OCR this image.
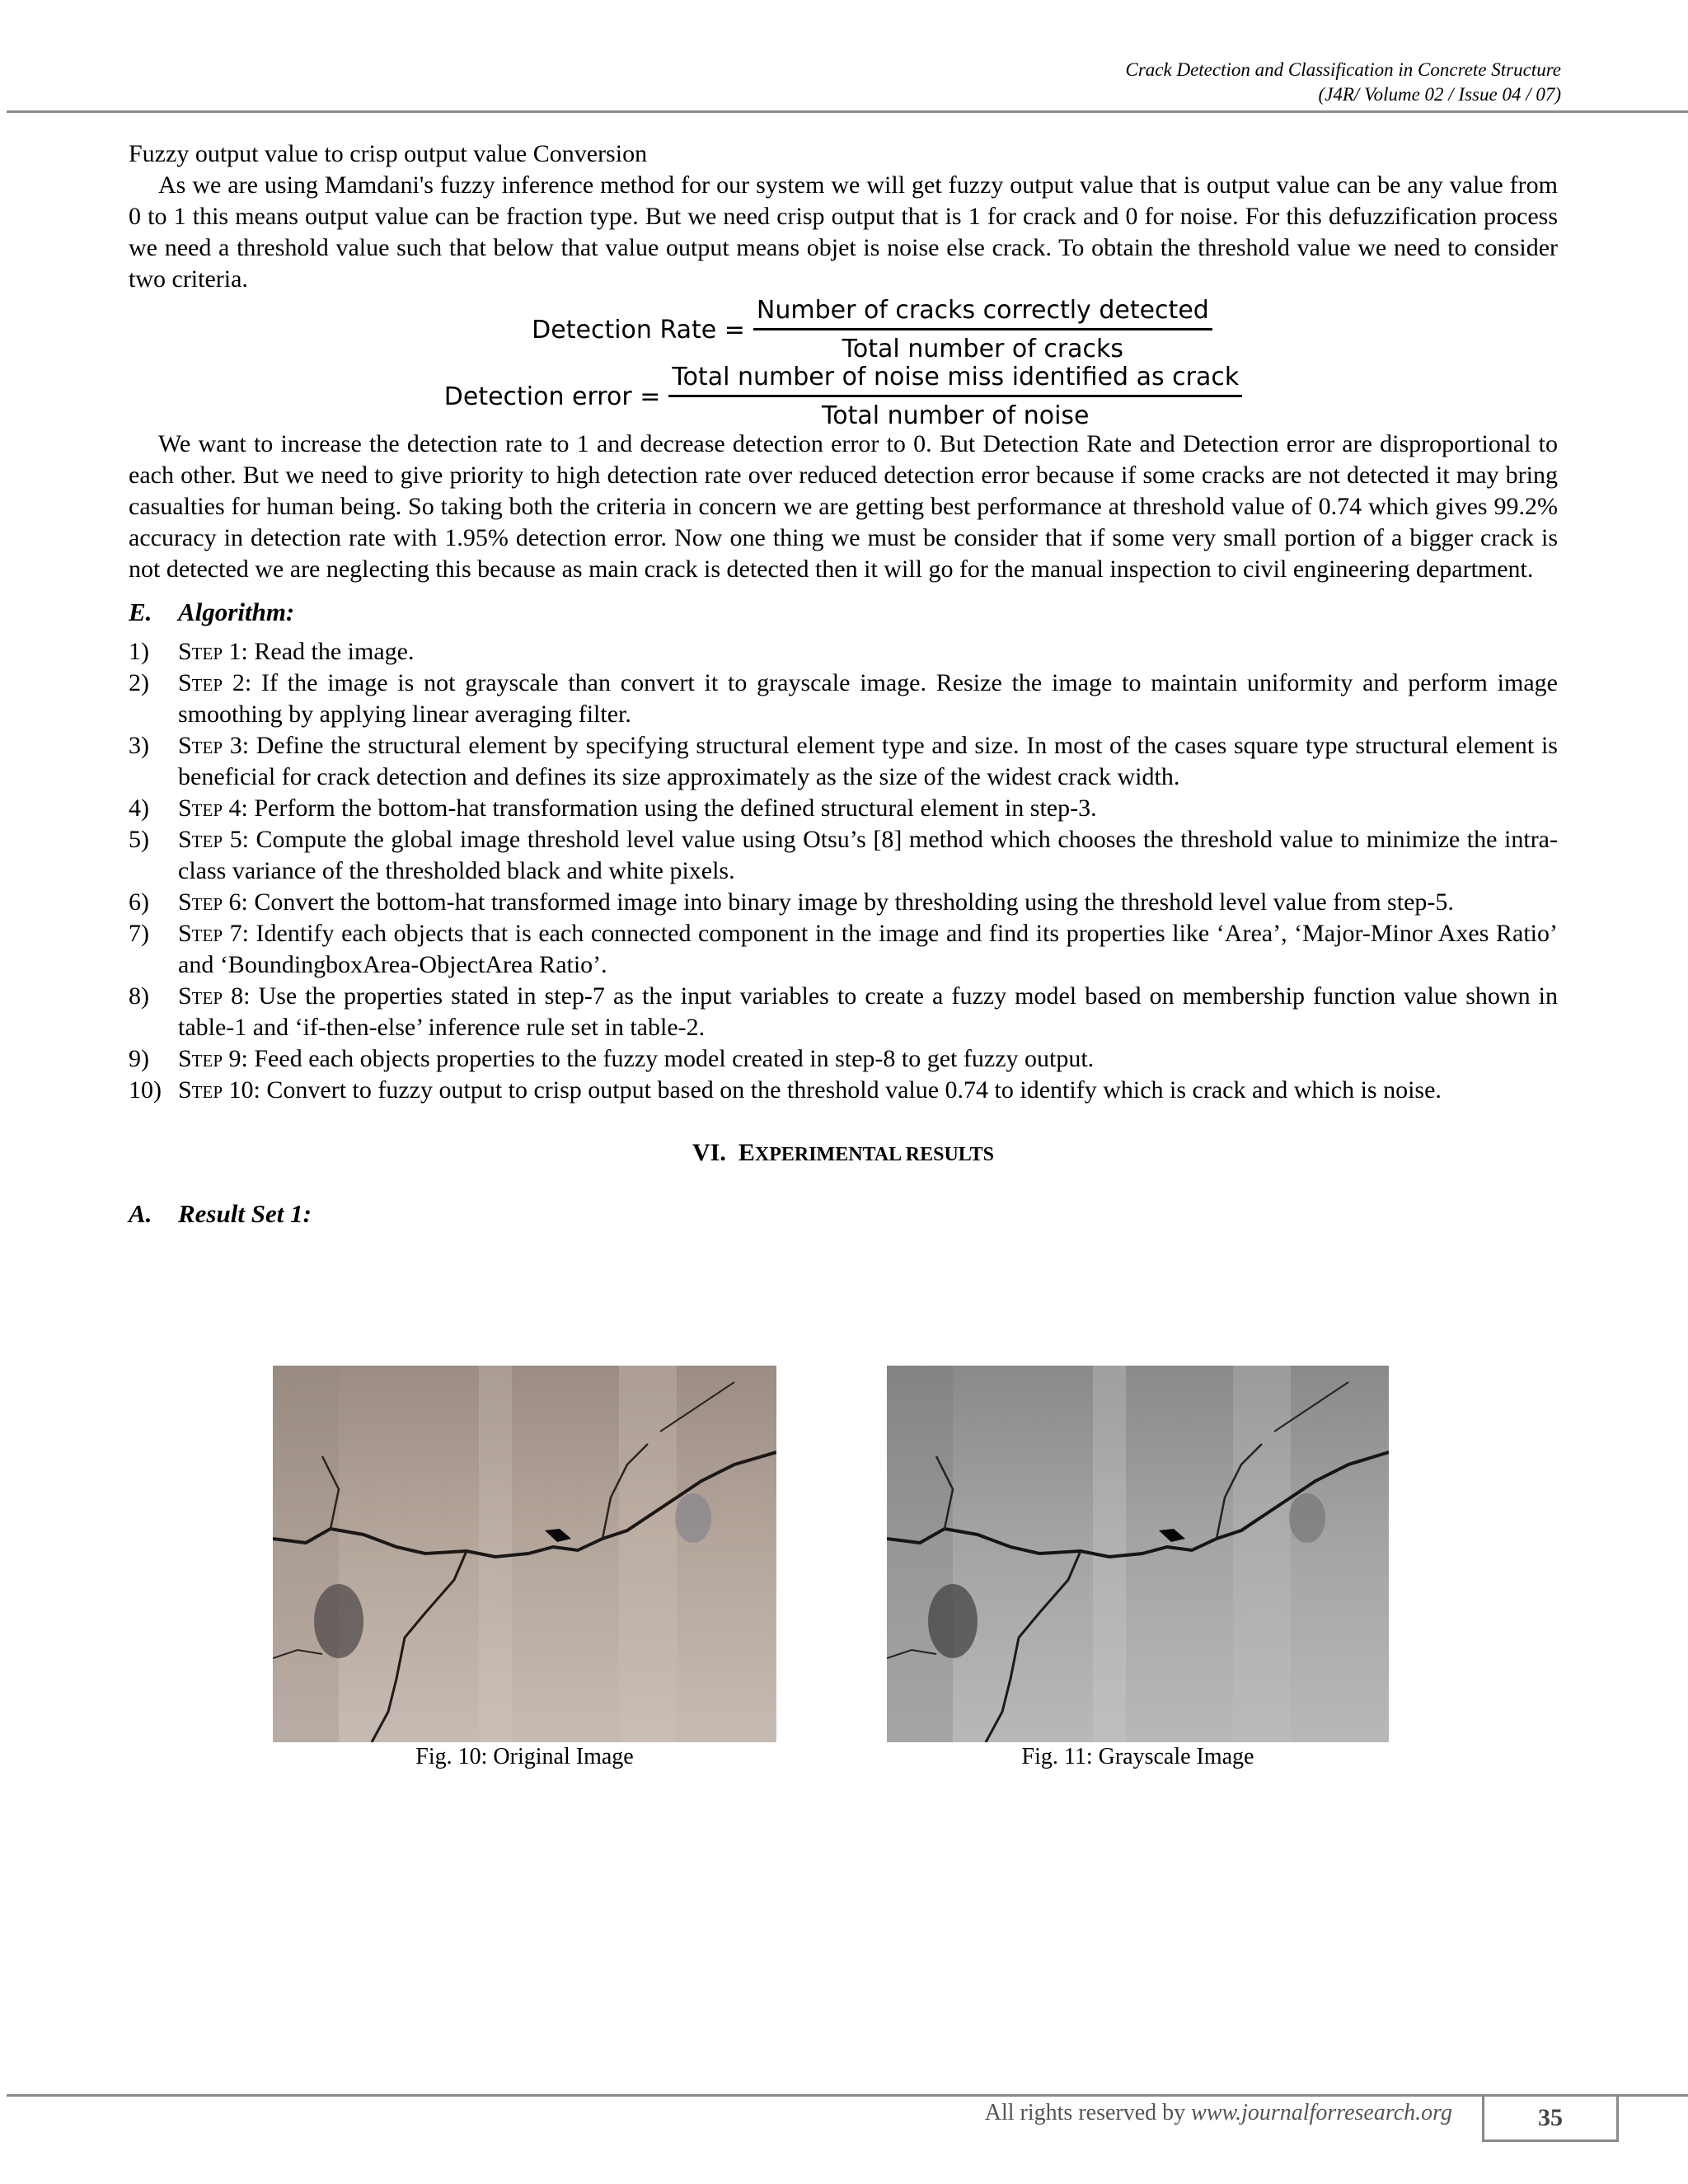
Crack Detection and Classification in Concrete Structure
(J4R/ Volume 02 / Issue 04 / 07)

Fuzzy output value to crisp output value Conversion

As we are using Mamdani's fuzzy inference method for our system we will get fuzzy output value that is output value can be any value from 0 to 1 this means output value can be fraction type. But we need crisp output that is 1 for crack and 0 for noise. For this defuzzification process we need a threshold value such that below that value output means objet is noise else crack. To obtain the threshold value we need to consider two criteria.

Detection Rate = $\frac{\text{Number of cracks correctly detected}}{\text{Total number of cracks}}$
Detection error = $\frac{\text{Total number of noise miss identified as crack}}{\text{Total number of noise}}$

We want to increase the detection rate to 1 and decrease detection error to 0. But Detection Rate and Detection error are disproportional to each other. But we need to give priority to high detection rate over reduced detection error because if some cracks are not detected it may bring casualties for human being. So taking both the criteria in concern we are getting best performance at threshold value of 0.74 which gives 99.2% accuracy in detection rate with 1.95% detection error. Now one thing we must be consider that if some very small portion of a bigger crack is not detected we are neglecting this because as main crack is detected then it will go for the manual inspection to civil engineering department.

E. Algorithm:
1)	Step 1: Read the image.
2)	Step 2: If the image is not grayscale than convert it to grayscale image. Resize the image to maintain uniformity and perform image smoothing by applying linear averaging filter.
3)	Step 3: Define the structural element by specifying structural element type and size. In most of the cases square type structural element is beneficial for crack detection and defines its size approximately as the size of the widest crack width.
4)	Step 4: Perform the bottom-hat transformation using the defined structural element in step-3.
5)	Step 5: Compute the global image threshold level value using Otsu’s [8] method which chooses the threshold value to minimize the intra-class variance of the thresholded black and white pixels.
6)	Step 6: Convert the bottom-hat transformed image into binary image by thresholding using the threshold level value from step-5.
7)	Step 7: Identify each objects that is each connected component in the image and find its properties like ‘Area’, ‘Major-Minor Axes Ratio’ and ‘BoundingboxArea-ObjectArea Ratio’.
8)	Step 8: Use the properties stated in step-7 as the input variables to create a fuzzy model based on membership function value shown in table-1 and ‘if-then-else’ inference rule set in table-2.
9)	Step 9: Feed each objects properties to the fuzzy model created in step-8 to get fuzzy output.
10) Step 10: Convert to fuzzy output to crisp output based on the threshold value 0.74 to identify which is crack and which is noise.
VI. EXPERIMENTAL RESULTS
A. Result Set 1:
Fig. 10: Original Image	Fig. 11: Grayscale Image
All rights reserved by www.journalforresearch.org	35
